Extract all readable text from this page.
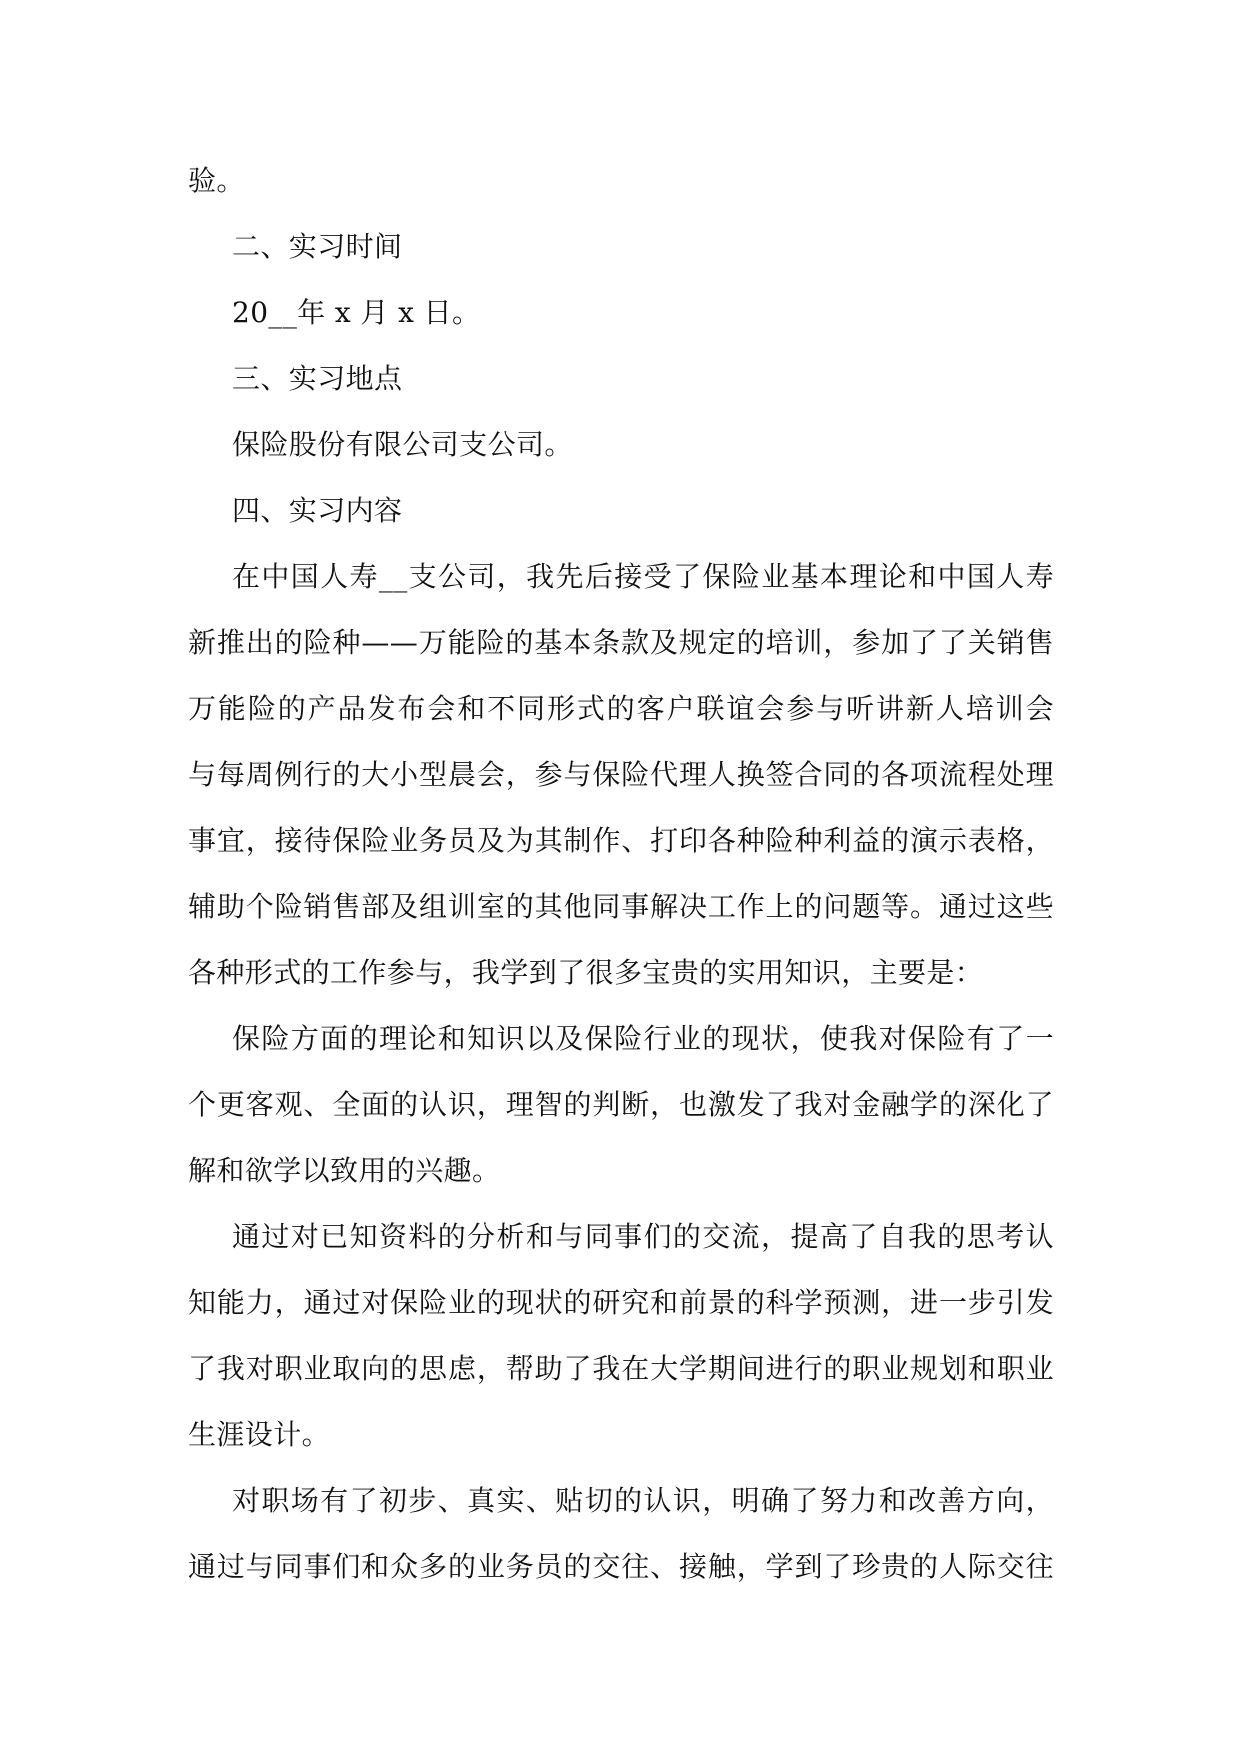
验。
二、实习时间
20__年 x 月 x 日。
三、实习地点
保险股份有限公司支公司。
四、实习内容
在中国人寿__支公司，我先后接受了保险业基本理论和中国人寿
新推出的险种——万能险的基本条款及规定的培训，参加了了关销售
万能险的产品发布会和不同形式的客户联谊会参与听讲新人培训会
与每周例行的大小型晨会，参与保险代理人换签合同的各项流程处理
事宜，接待保险业务员及为其制作、打印各种险种利益的演示表格，
辅助个险销售部及组训室的其他同事解决工作上的问题等。通过这些
各种形式的工作参与，我学到了很多宝贵的实用知识，主要是：
保险方面的理论和知识以及保险行业的现状，使我对保险有了一
个更客观、全面的认识，理智的判断，也激发了我对金融学的深化了
解和欲学以致用的兴趣。
通过对已知资料的分析和与同事们的交流，提高了自我的思考认
知能力，通过对保险业的现状的研究和前景的科学预测，进一步引发
了我对职业取向的思虑，帮助了我在大学期间进行的职业规划和职业
生涯设计。
对职场有了初步、真实、贴切的认识，明确了努力和改善方向，
通过与同事们和众多的业务员的交往、接触，学到了珍贵的人际交往
